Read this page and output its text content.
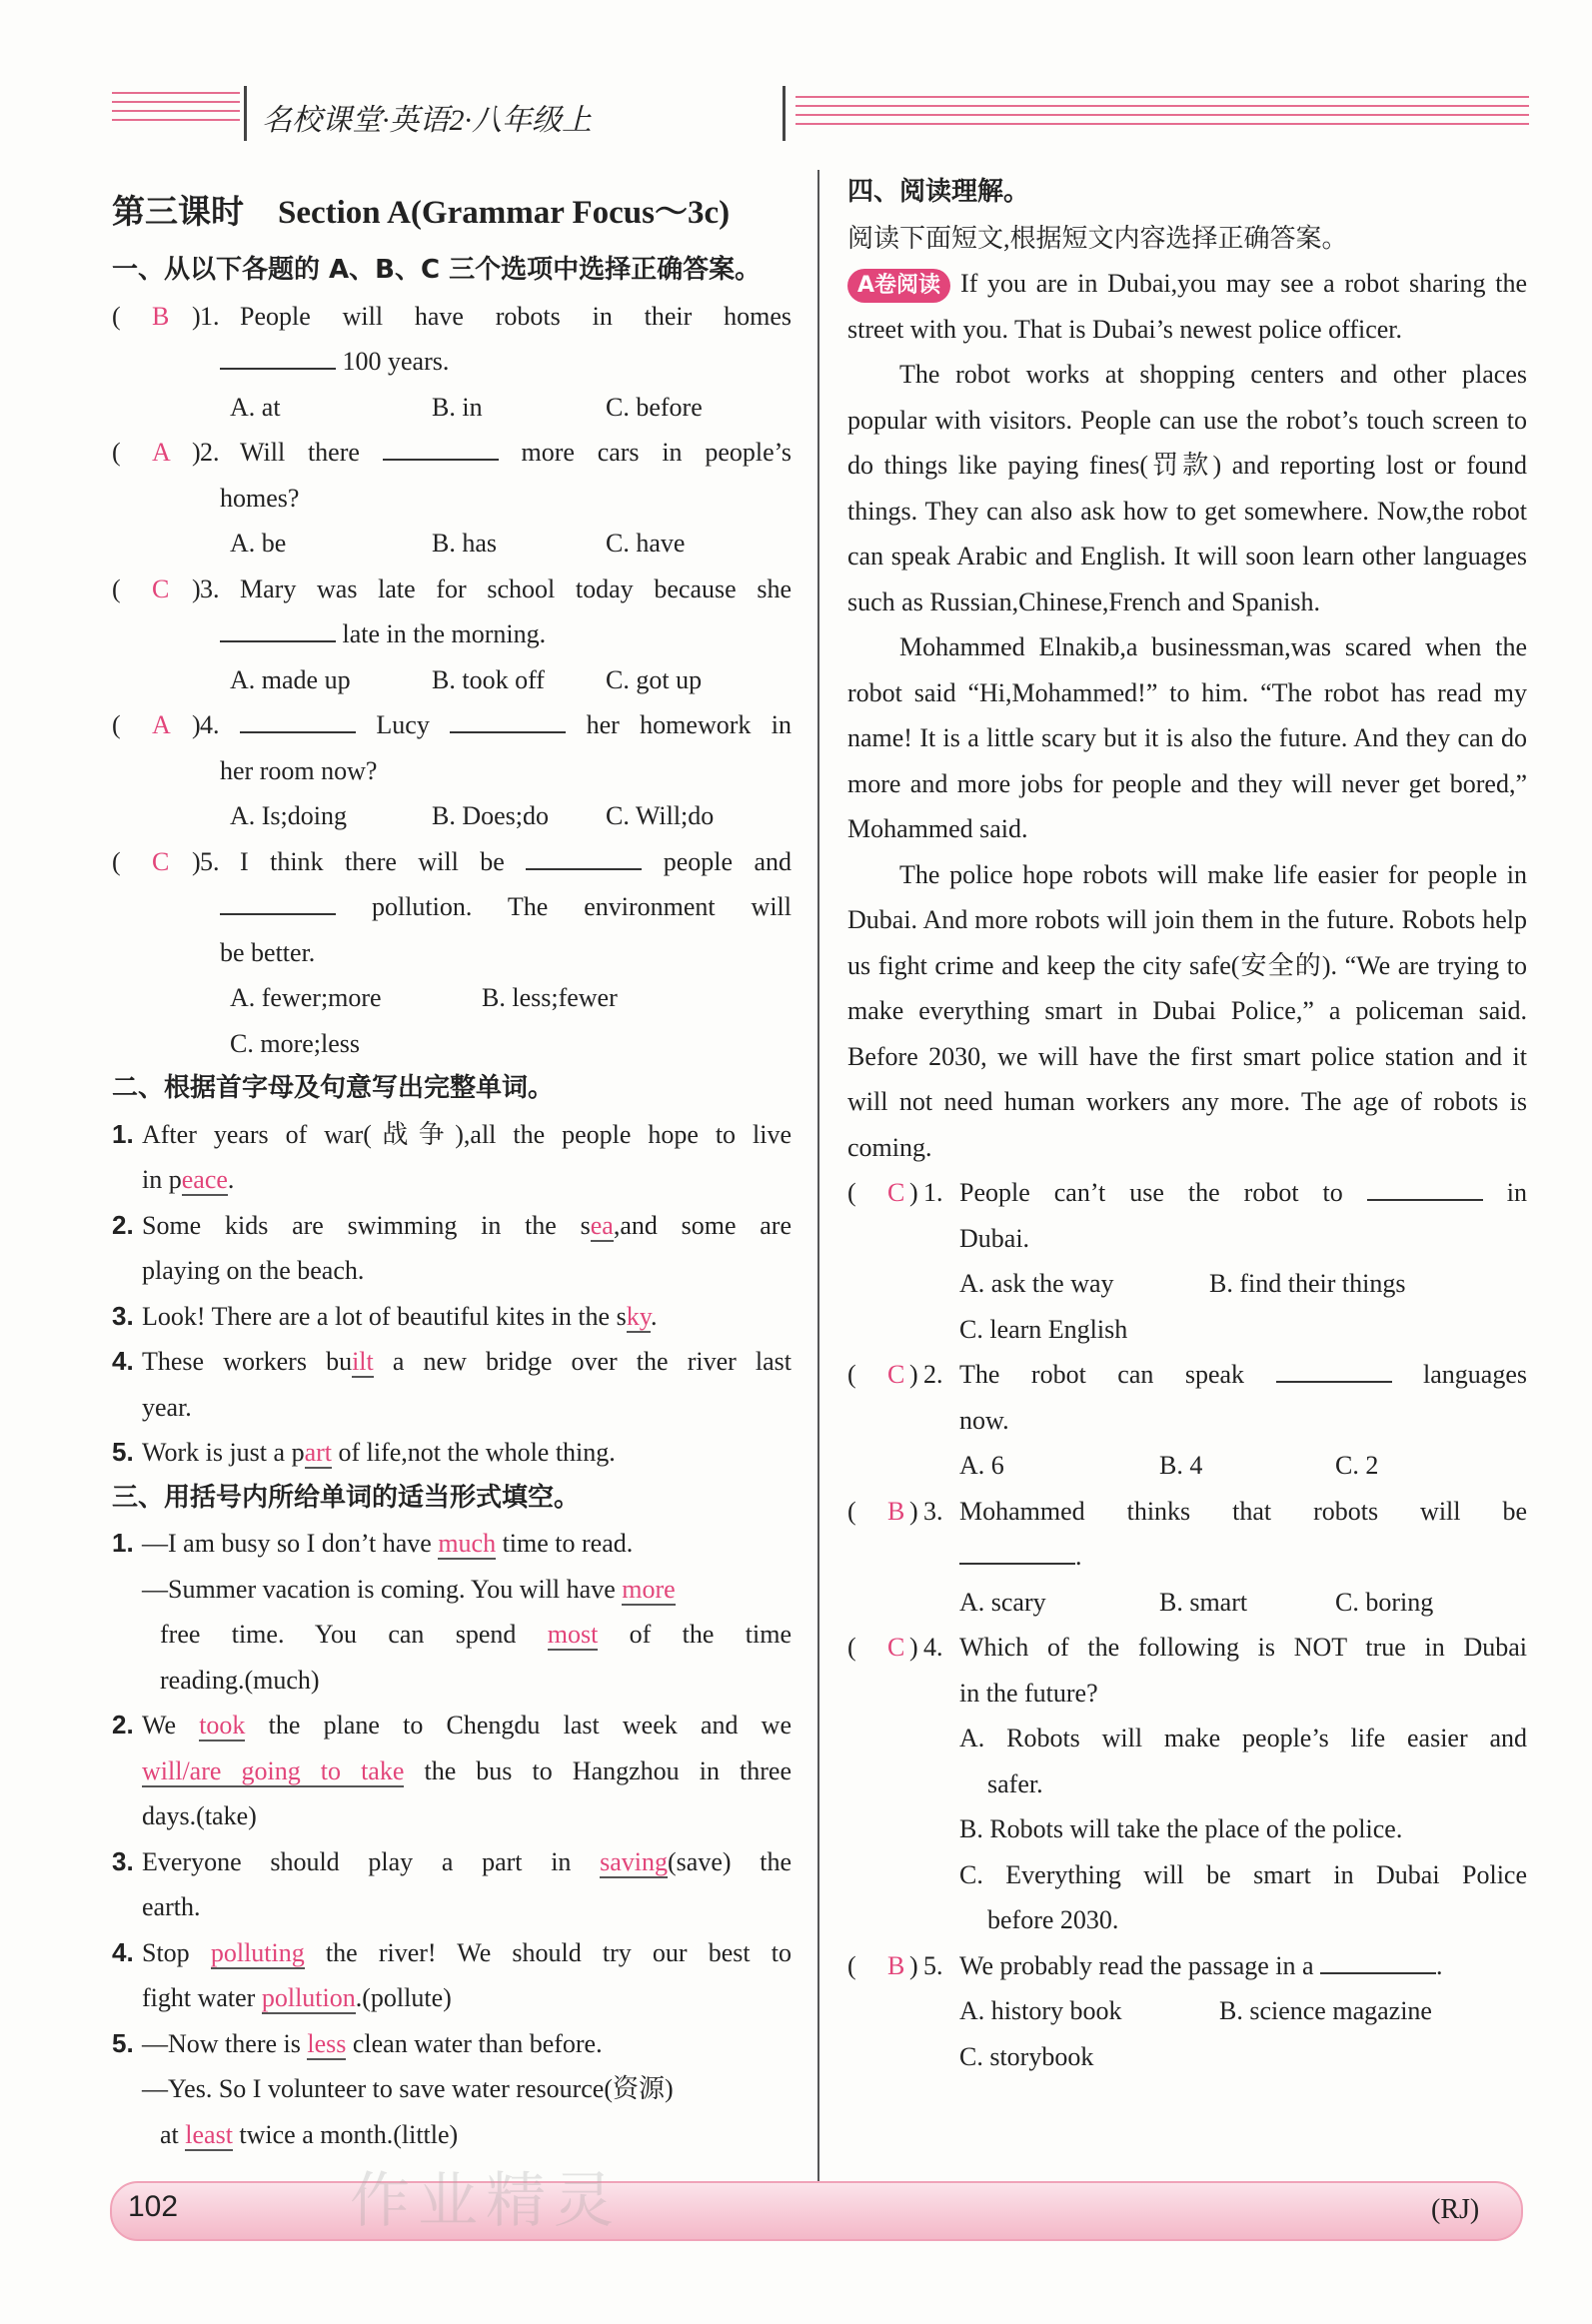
名校课堂·英语2·八年级上
第三课时 Section A(Grammar Focus～3c)
一、从以下各题的 A、B、C 三个选项中选择正确答案。
( B ) 1. People will have robots in their homes
100 years.
A. at	B. in	C. before
( A ) 2. Will there	more cars in people’s
homes?
A. be	B. has	C. have
( C ) 3. Mary was late for school today because she
late in the morning.
A. made up	B. took off	C. got up
( A ) 4.	Lucy	her homework in
her room now?
A. Is;doing	B. Does;do	C. Will;do
( C ) 5. I think there will be	people and
pollution. The environment will
be better.
A. fewer;more	B. less;fewer
C. more;less
二、根据首字母及句意写出完整单词。
1. After years of war(战争),all the people hope to live
in peace.
2. Some kids are swimming in the sea,and some are
playing on the beach.
3. Look! There are a lot of beautiful kites in the sky.
4. These workers built a new bridge over the river last
year.
5. Work is just a part of life,not the whole thing.
三、用括号内所给单词的适当形式填空。
1. —I am busy so I don’t have much time to read.
—Summer vacation is coming. You will have more
free time. You can spend most of the time
reading.(much)
2. We took the plane to Chengdu last week and we
will/are going to take the bus to Hangzhou in three
days.(take)
3. Everyone should play a part in saving(save) the
earth.
4. Stop polluting the river! We should try our best to
fight water pollution.(pollute)
5. —Now there is less clean water than before.
—Yes. So I volunteer to save water resource(资源)
at least twice a month.(little)
四、阅读理解。
阅读下面短文,根据短文内容选择正确答案。
A卷阅读 If you are in Dubai,you may see a robot sharing the street with you. That is Dubai’s newest police officer.
The robot works at shopping centers and other places popular with visitors. People can use the robot’s touch screen to do things like paying fines(罚款) and reporting lost or found things. They can also ask how to get somewhere. Now,the robot can speak Arabic and English. It will soon learn other languages such as Russian,Chinese,French and Spanish.
Mohammed Elnakib,a businessman,was scared when the robot said “Hi,Mohammed!” to him. “The robot has read my name! It is a little scary but it is also the future. And they can do more and more jobs for people and they will never get bored,” Mohammed said.
The police hope robots will make life easier for people in Dubai. And more robots will join them in the future. Robots help us fight crime and keep the city safe(安全的). “We are trying to make everything smart in Dubai Police,” a policeman said. Before 2030, we will have the first smart police station and it will not need human workers any more. The age of robots is coming.
( C ) 1. People can’t use the robot to	in
Dubai.
A. ask the way	B. find their things
C. learn English
( C ) 2. The robot can speak	languages
now.
A. 6	B. 4	C. 2
( B ) 3. Mohammed thinks that robots will be
.
A. scary	B. smart	C. boring
( C ) 4. Which of the following is NOT true in Dubai
in the future?
A. Robots will make people’s life easier and
safer.
B. Robots will take the place of the police.
C. Everything will be smart in Dubai Police
before 2030.
( B ) 5. We probably read the passage in a	.
A. history book	B. science magazine
C. storybook
102	作业精灵	(RJ)
